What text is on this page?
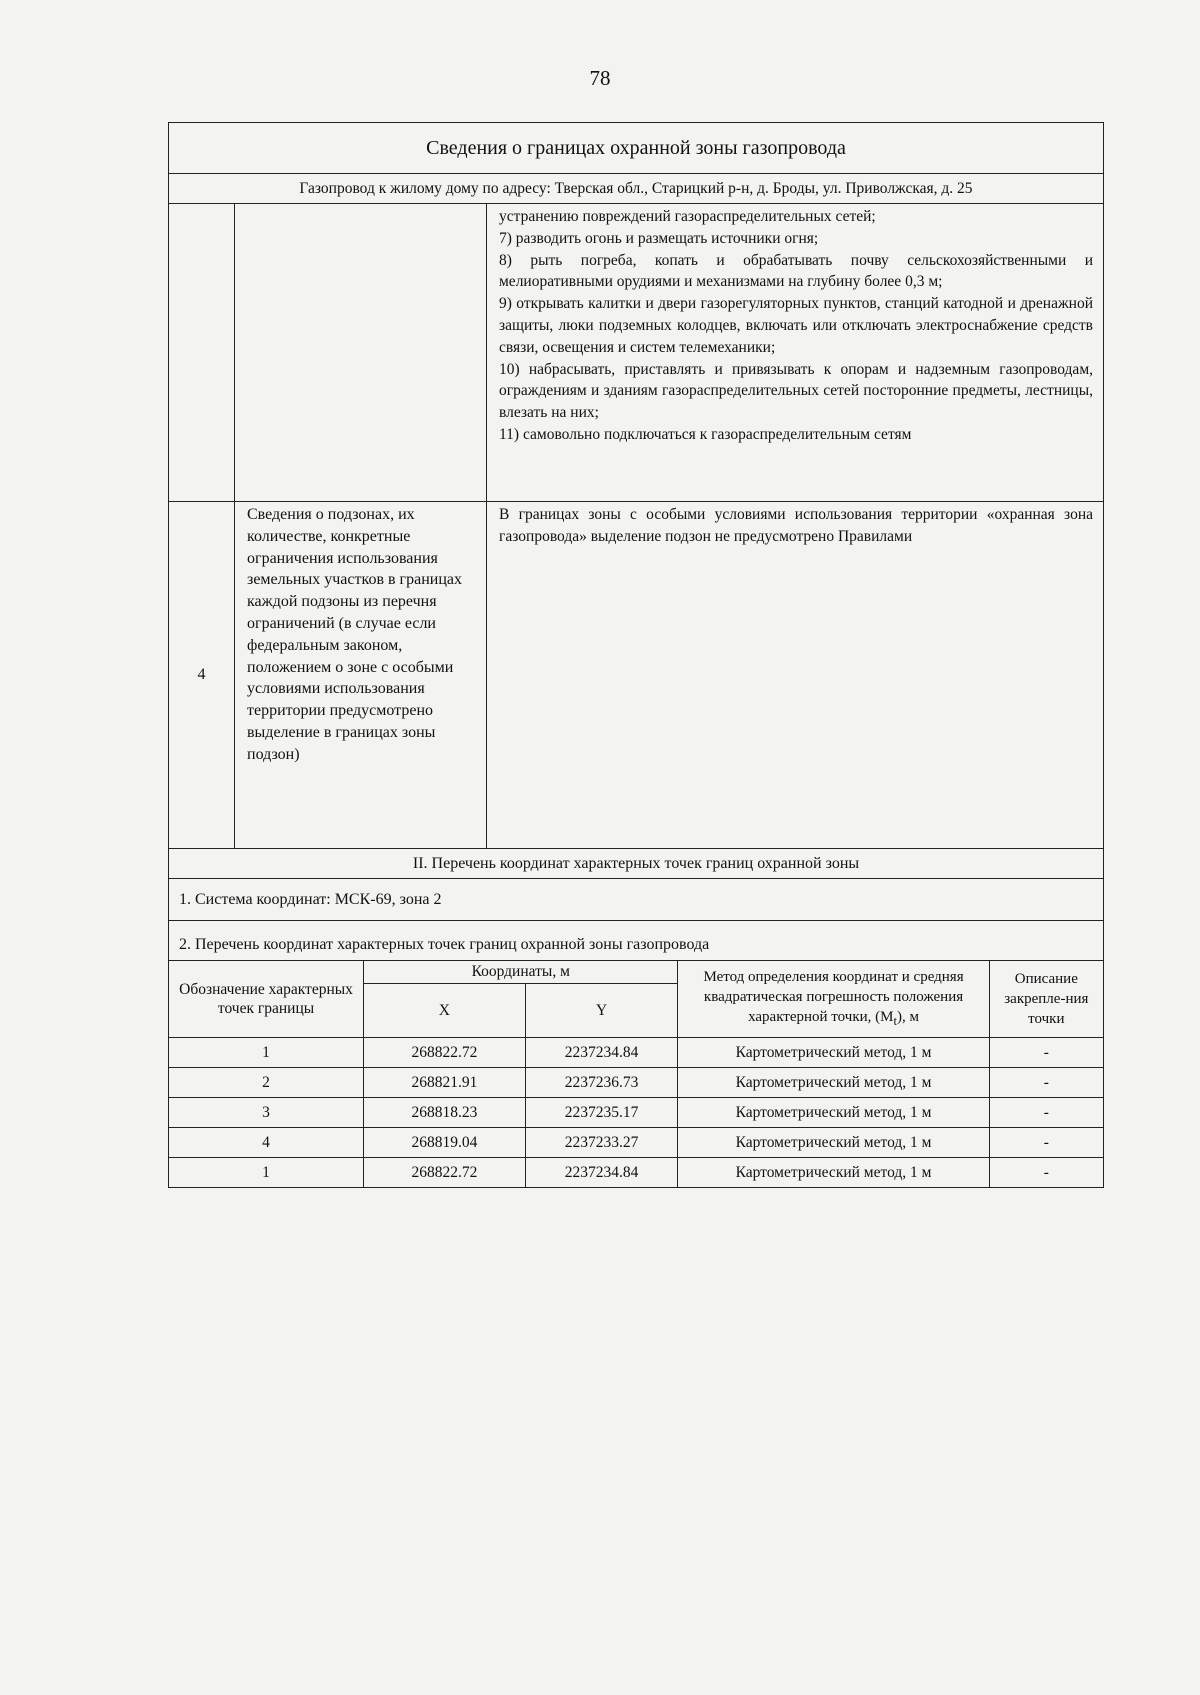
78
Сведения о границах охранной зоны газопровода
Газопровод к жилому дому по адресу: Тверская обл., Старицкий р-н, д. Броды, ул. Приволжская, д. 25

устранению повреждений газораспределительных сетей;

7) разводить огонь и размещать источники огня;

8) рыть погреба, копать и обрабатывать почву сельскохозяйственными и мелиоративными орудиями и механизмами на глубину более 0,3 м;

9) открывать калитки и двери газорегуляторных пунктов, станций катодной и дренажной защиты, люки подземных колодцев, включать или отключать электроснабжение средств связи, освещения и систем телемеханики;

10) набрасывать, приставлять и привязывать к опорам и надземным газопроводам, ограждениям и зданиям газораспределительных сетей посторонние предметы, лестницы, влезать на них;

11) самовольно подключаться к газораспределительным сетям

4
Сведения о подзонах, их количестве, конкретные ограничения использования земельных участков в границах каждой подзоны из перечня ограничений (в случае если федеральным законом, положением о зоне с особыми условиями использования территории предусмотрено выделение в границах зоны подзон)
В границах зоны с особыми условиями использования территории «охранная зона газопровода» выделение подзон не предусмотрено Правилами
II. Перечень координат характерных точек границ охранной зоны
1. Система координат: МСК-69, зона 2
2. Перечень координат характерных точек границ охранной зоны газопровода
Обозначение характерных точек границы	Координаты, м		Метод определения координат и средняя квадратическая погрешность положения характерной точки, $(M_t)$, м	Описание закрепле-ния точки
	X	Y		
1	268822.72	2237234.84	Картометрический метод, 1 м	-
2	268821.91	2237236.73	Картометрический метод, 1 м	-
3	268818.23	2237235.17	Картометрический метод, 1 м	-
4	268819.04	2237233.27	Картометрический метод, 1 м	-
1	268822.72	2237234.84	Картометрический метод, 1 м	-
